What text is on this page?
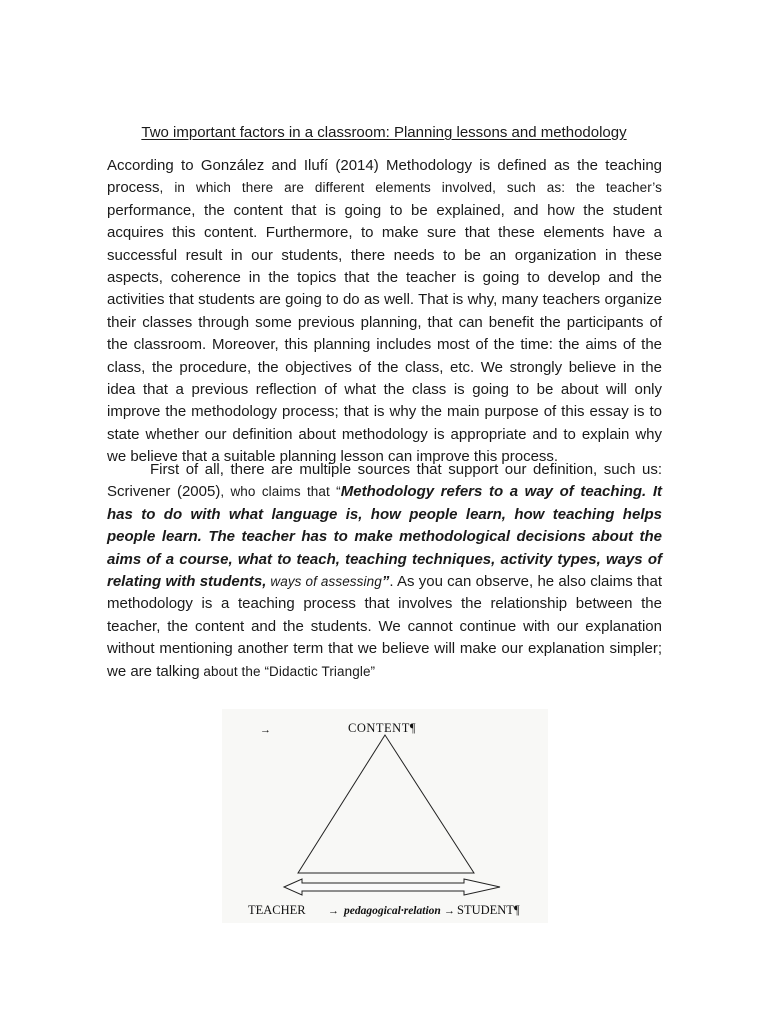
Two important factors in a classroom: Planning lessons and methodology

According to González and Ilufí (2014) Methodology is defined as the teaching process, in which there are different elements involved, such as: the teacher’s performance, the content that is going to be explained, and how the student acquires this content. Furthermore, to make sure that these elements have a successful result in our students, there needs to be an organization in these aspects, coherence in the topics that the teacher is going to develop and the activities that students are going to do as well. That is why, many teachers organize their classes through some previous planning, that can benefit the participants of the classroom. Moreover, this planning includes most of the time: the aims of the class, the procedure, the objectives of the class, etc. We strongly believe in the idea that a previous reflection of what the class is going to be about will only improve the methodology process; that is why the main purpose of this essay is to state whether our definition about methodology is appropriate and to explain why we believe that a suitable planning lesson can improve this process.

First of all, there are multiple sources that support our definition, such us: Scrivener (2005), who claims that “Methodology refers to a way of teaching. It has to do with what language is, how people learn, how teaching helps people learn. The teacher has to make methodological decisions about the aims of a course, what to teach, teaching techniques, activity types, ways of relating with students, ways of assessing”. As you can observe, he also claims that methodology is a teaching process that involves the relationship between the teacher, the content and the students. We cannot continue with our explanation without mentioning another term that we believe will make our explanation simpler; we are talking about the “Didactic Triangle”

→	CONTENT¶
TEACHER → pedagogical·relation → STUDENT¶
